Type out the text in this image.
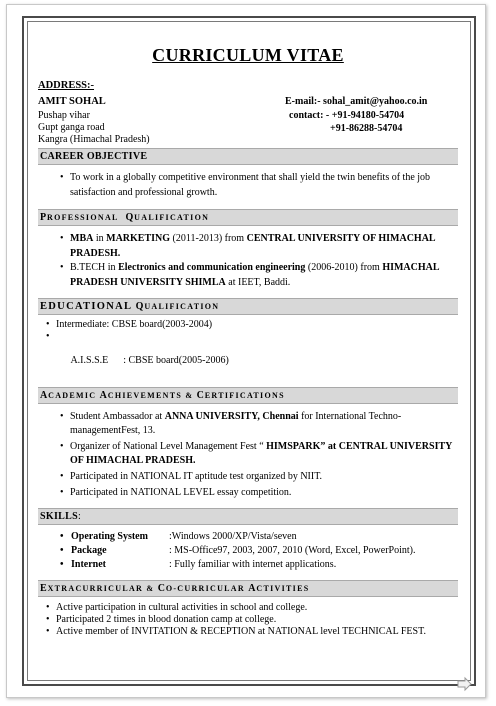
CURRICULUM VITAE
ADDRESS:-
AMIT SOHAL
Pushap vihar
Gupt ganga road
Kangra (Himachal Pradesh)
E-mail:- sohal_amit@yahoo.co.in
contact: - +91-94180-54704
+91-86288-54704
CAREER OBJECTIVE
• To work in a globally competitive environment that shall yield the twin benefits of the job satisfaction and professional growth.
PROFESSIONAL QUALIFICATION
• MBA in MARKETING (2011-2013) from CENTRAL UNIVERSITY OF HIMACHAL PRADESH.
• B.TECH in Electronics and communication engineering (2006-2010) from HIMACHAL PRADESH UNIVERSITY SHIMLA at IEET, Baddi.
EDUCATIONAL QUALIFICATION
• Intermediate: CBSE board(2003-2004)

•

A.I.S.S.E      : CBSE board(2005-2006)

ACADEMIC ACHIEVEMENTS & CERTIFICATIONS
• Student Ambassador at ANNA UNIVERSITY, Chennai for International Techno-managementFest, 13.
• Organizer of National Level Management Fest “ HIMSPARK” at CENTRAL UNIVERSITY OF HIMACHAL PRADESH.
• Participated in NATIONAL IT aptitude test organized by NIIT.
• Participated in NATIONAL LEVEL essay competition.
SKILLS:
• Operating System	:Windows 2000/XP/Vista/seven

• Package	: MS-Office97, 2003, 2007, 2010 (Word, Excel, PowerPoint).

• Internet	: Fully familiar with internet applications.
EXTRACURRICULAR & CO-CURRICULAR ACTIVITIES
• Active participation in cultural activities in school and college.
• Participated 2 times in blood donation camp at college.
• Active member of INVITATION & RECEPTION at NATIONAL level TECHNICAL FEST.
